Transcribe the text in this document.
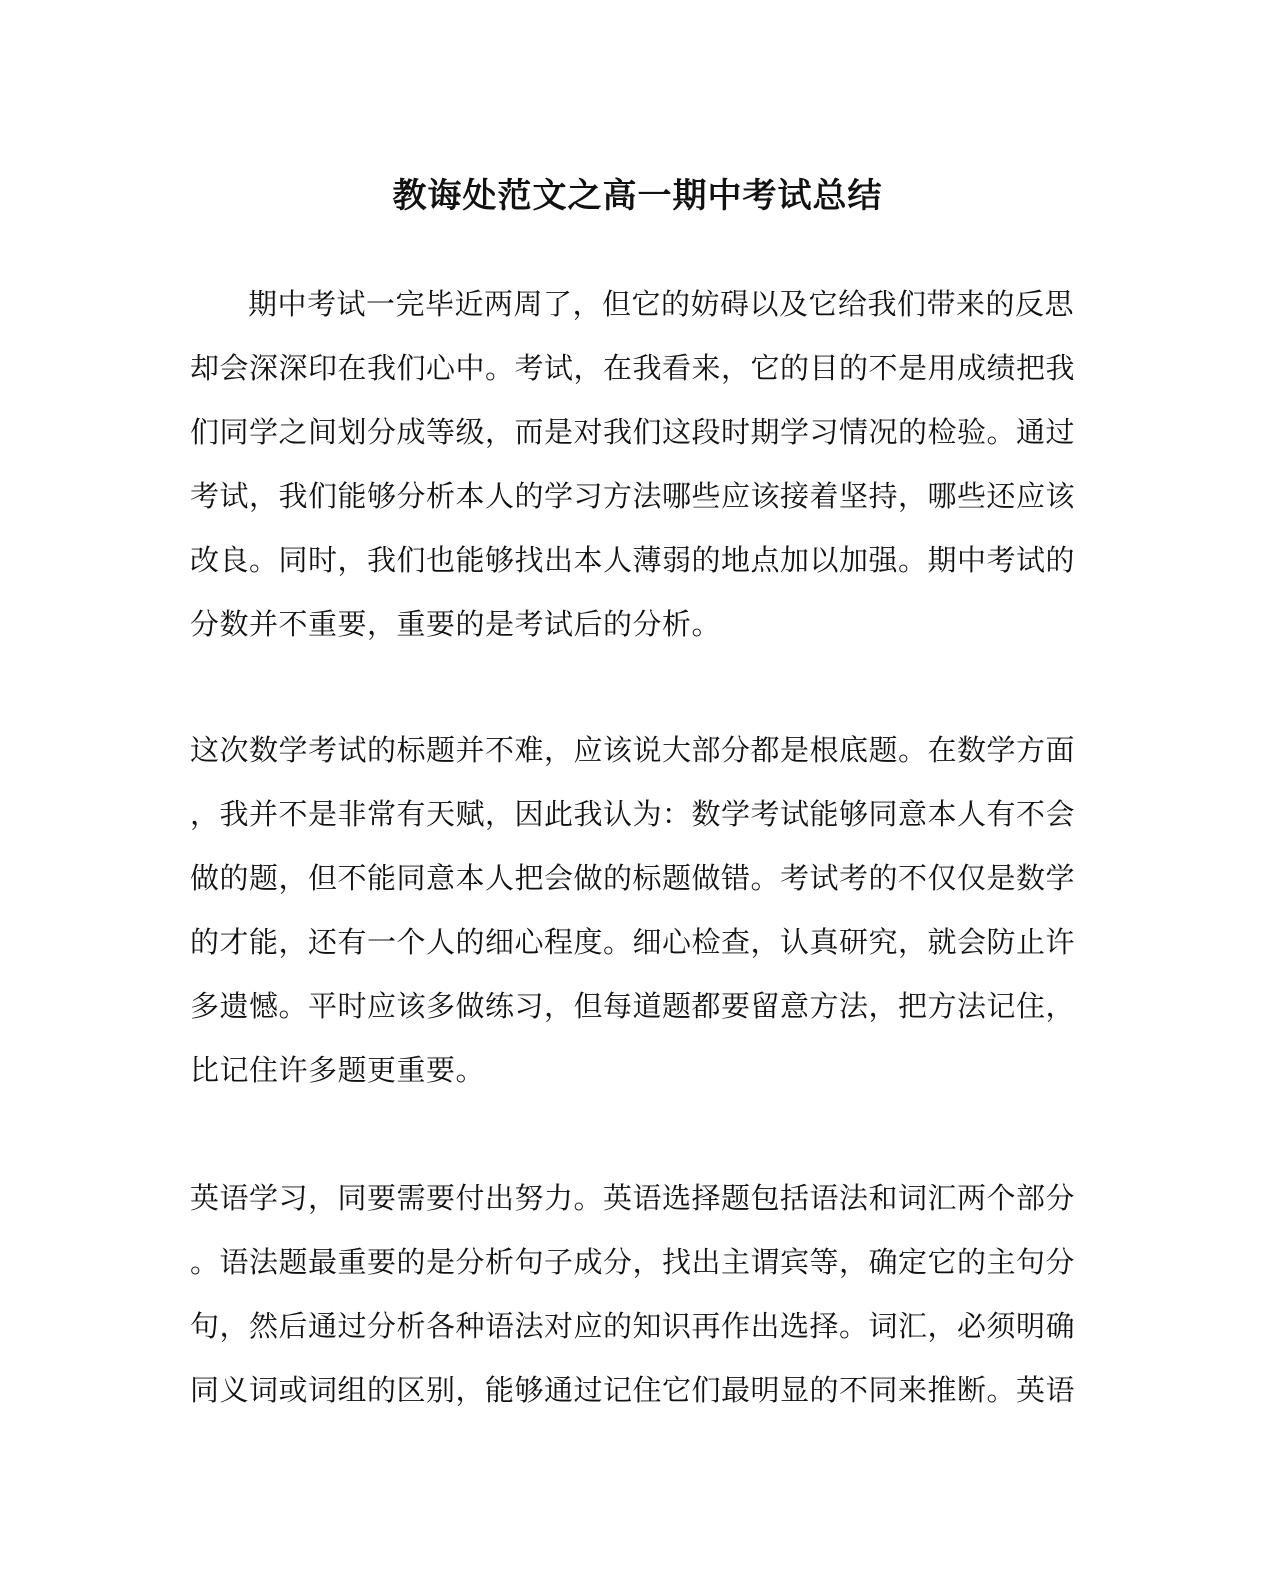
教诲处范文之高一期中考试总结

期中考试一完毕近两周了，但它的妨碍以及它给我们带来的反思
却会深深印在我们心中。考试，在我看来，它的目的不是用成绩把我
们同学之间划分成等级，而是对我们这段时期学习情况的检验。通过
考试，我们能够分析本人的学习方法哪些应该接着坚持，哪些还应该
改良。同时，我们也能够找出本人薄弱的地点加以加强。期中考试的
分数并不重要，重要的是考试后的分析。

这次数学考试的标题并不难，应该说大部分都是根底题。在数学方面
，我并不是非常有天赋，因此我认为：数学考试能够同意本人有不会
做的题，但不能同意本人把会做的标题做错。考试考的不仅仅是数学
的才能，还有一个人的细心程度。细心检查，认真研究，就会防止许
多遗憾。平时应该多做练习，但每道题都要留意方法，把方法记住，
比记住许多题更重要。

英语学习，同要需要付出努力。英语选择题包括语法和词汇两个部分
。语法题最重要的是分析句子成分，找出主谓宾等，确定它的主句分
句，然后通过分析各种语法对应的知识再作出选择。词汇，必须明确
同义词或词组的区别，能够通过记住它们最明显的不同来推断。英语
